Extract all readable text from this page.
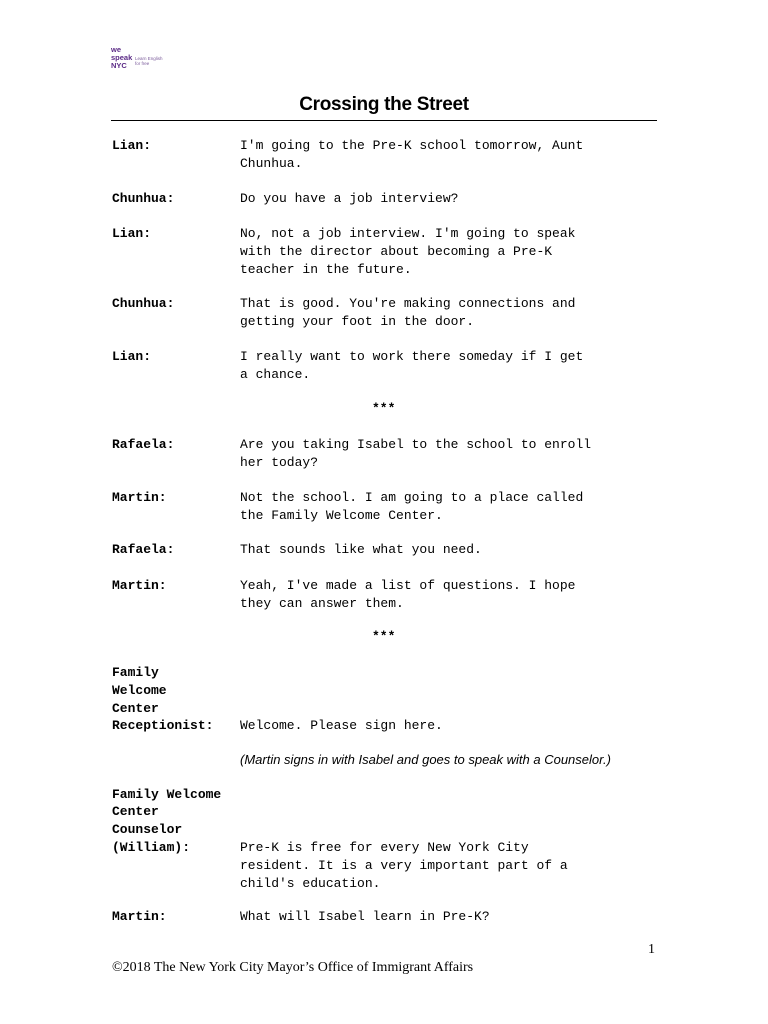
we
speak
NYC
Learn English for free
Crossing the Street
Lian:	I'm going to the Pre-K school tomorrow, Aunt
Chunhua.
Chunhua:	Do you have a job interview?
Lian:	No, not a job interview. I'm going to speak
with the director about becoming a Pre-K
teacher in the future.
Chunhua:	That is good. You're making connections and
getting your foot in the door.
Lian:	I really want to work there someday if I get
a chance.
***
Rafaela:	Are you taking Isabel to the school to enroll
her today?
Martin:	Not the school. I am going to a place called
the Family Welcome Center.
Rafaela:	That sounds like what you need.
Martin:	Yeah, I've made a list of questions. I hope
they can answer them.
***
Family
Welcome
Center
Receptionist: Welcome. Please sign here.
(Martin signs in with Isabel and goes to speak with a Counselor.)
Family Welcome
Center
Counselor
(William):	Pre-K is free for every New York City
resident. It is a very important part of a
child's education.
Martin:	What will Isabel learn in Pre-K?
1
©2018 The New York City Mayor’s Office of Immigrant Affairs
